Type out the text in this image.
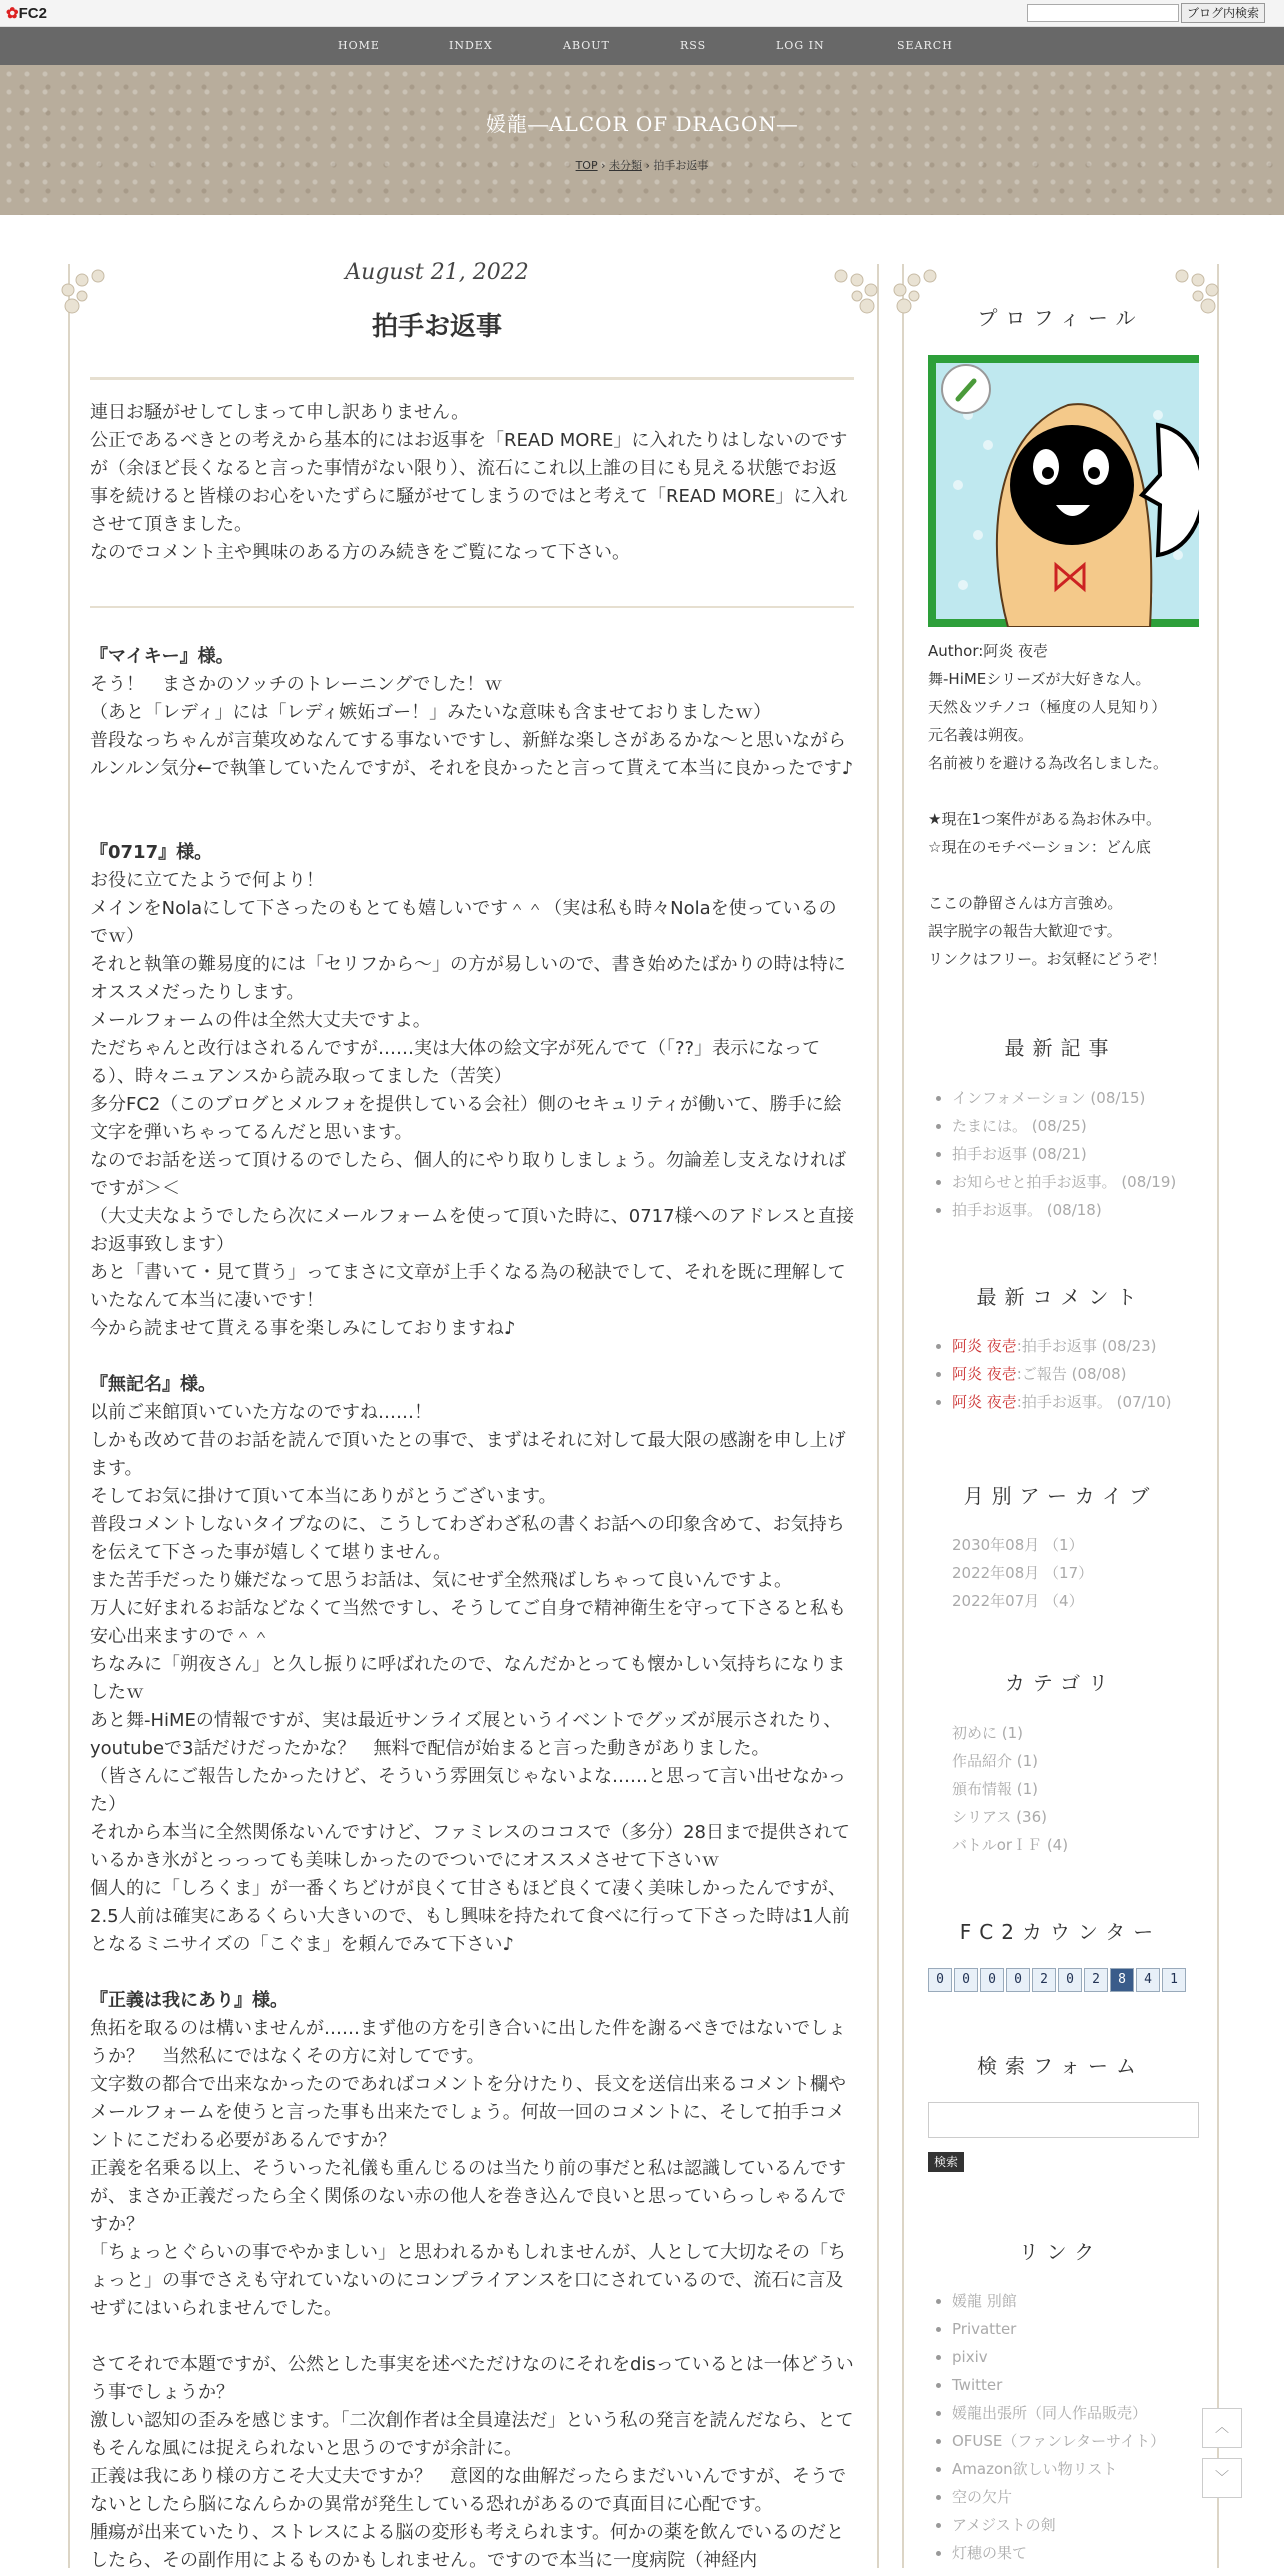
✿FC2	ブログ内検索
HOME	INDEX	ABOUT	RSS	LOG IN	SEARCH
媛龍―ALCOR OF DRAGON―
TOP › 未分類 › 拍手お返事
August 21, 2022
拍手お返事

連日お騒がせしてしまって申し訳ありません。
公正であるべきとの考えから基本的にはお返事を「READ MORE」に入れたりはしないのですが（余ほど長くなると言った事情がない限り）、流石にこれ以上誰の目にも見える状態でお返事を続けると皆様のお心をいたずらに騒がせてしまうのではと考えて「READ MORE」に入れさせて頂きました。
なのでコメント主や興味のある方のみ続きをご覧になって下さい。

『マイキー』様。
そう！　まさかのソッチのトレーニングでした！ｗ
（あと「レディ」には「レディ嫉妬ゴー！」みたいな意味も含ませておりましたｗ）
普段なっちゃんが言葉攻めなんてする事ないですし、新鮮な楽しさがあるかな～と思いながらルンルン気分←で執筆していたんですが、それを良かったと言って貰えて本当に良かったです♪
『0717』様。
お役に立てたようで何より！
メインをNolaにして下さったのもとても嬉しいです＾＾（実は私も時々Nolaを使っているのでｗ）
それと執筆の難易度的には「セリフから～」の方が易しいので、書き始めたばかりの時は特にオススメだったりします。
メールフォームの件は全然大丈夫ですよ。
ただちゃんと改行はされるんですが……実は大体の絵文字が死んでて（「??」表示になってる）、時々ニュアンスから読み取ってました（苦笑）
多分FC2（このブログとメルフォを提供している会社）側のセキュリティが働いて、勝手に絵文字を弾いちゃってるんだと思います。
なのでお話を送って頂けるのでしたら、個人的にやり取りしましょう。勿論差し支えなければですが＞＜
（大丈夫なようでしたら次にメールフォームを使って頂いた時に、0717様へのアドレスと直接お返事致します）
あと「書いて・見て貰う」ってまさに文章が上手くなる為の秘訣でして、それを既に理解していたなんて本当に凄いです！
今から読ませて貰える事を楽しみにしておりますね♪
『無記名』様。
以前ご来館頂いていた方なのですね……！
しかも改めて昔のお話を読んで頂いたとの事で、まずはそれに対して最大限の感謝を申し上げます。
そしてお気に掛けて頂いて本当にありがとうございます。
普段コメントしないタイプなのに、こうしてわざわざ私の書くお話への印象含めて、お気持ちを伝えて下さった事が嬉しくて堪りません。
また苦手だったり嫌だなって思うお話は、気にせず全然飛ばしちゃって良いんですよ。
万人に好まれるお話などなくて当然ですし、そうしてご自身で精神衛生を守って下さると私も安心出来ますので＾＾
ちなみに「朔夜さん」と久し振りに呼ばれたので、なんだかとっても懐かしい気持ちになりましたｗ
あと舞-HiMEの情報ですが、実は最近サンライズ展というイベントでグッズが展示されたり、youtubeで3話だけだったかな？　無料で配信が始まると言った動きがありました。
（皆さんにご報告したかったけど、そういう雰囲気じゃないよな……と思って言い出せなかった）
それから本当に全然関係ないんですけど、ファミレスのココスで（多分）28日まで提供されているかき氷がとっっっても美味しかったのでついでにオススメさせて下さいｗ
個人的に「しろくま」が一番くちどけが良くて甘さもほど良くて凄く美味しかったんですが、2.5人前は確実にあるくらい大きいので、もし興味を持たれて食べに行って下さった時は1人前となるミニサイズの「こぐま」を頼んでみて下さい♪
『正義は我にあり』様。
魚拓を取るのは構いませんが……まず他の方を引き合いに出した件を謝るべきではないでしょうか？　当然私にではなくその方に対してです。
文字数の都合で出来なかったのであればコメントを分けたり、長文を送信出来るコメント欄やメールフォームを使うと言った事も出来たでしょう。何故一回のコメントに、そして拍手コメントにこだわる必要があるんですか？
正義を名乗る以上、そういった礼儀も重んじるのは当たり前の事だと私は認識しているんですが、まさか正義だったら全く関係のない赤の他人を巻き込んで良いと思っていらっしゃるんですか？
「ちょっとぐらいの事でやかましい」と思われるかもしれませんが、人として大切なその「ちょっと」の事でさえも守れていないのにコンプライアンスを口にされているので、流石に言及せずにはいられませんでした。

さてそれで本題ですが、公然とした事実を述べただけなのにそれをdisっているとは一体どういう事でしょうか？
激しい認知の歪みを感じます。「二次創作者は全員違法だ」という私の発言を読んだなら、とてもそんな風には捉えられないと思うのですが余計に。
正義は我にあり様の方こそ大丈夫ですか？　意図的な曲解だったらまだいいんですが、そうでないとしたら脳になんらかの異常が発生している恐れがあるので真面目に心配です。
腫瘍が出来ていたり、ストレスによる脳の変形も考えられます。何かの薬を飲んでいるのだとしたら、その副作用によるものかもしれません。ですので本当に一度病院（神経内

プロフィール

Author:阿炎 夜壱
舞-HiMEシリーズが大好きな人。
天然＆ツチノコ（極度の人見知り）
元名義は朔夜。
名前被りを避ける為改名しました。

★現在1つ案件がある為お休み中。
☆現在のモチベーション：どん底

ここの静留さんは方言強め。
誤字脱字の報告大歓迎です。
リンクはフリー。お気軽にどうぞ！

最新記事
• インフォメーション (08/15)
• たまには。 (08/25)
• 拍手お返事 (08/21)
• お知らせと拍手お返事。 (08/19)
• 拍手お返事。 (08/18)
最新コメント
• 阿炎 夜壱:拍手お返事 (08/23)
• 阿炎 夜壱:ご報告 (08/08)
• 阿炎 夜壱:拍手お返事。 (07/10)
月別アーカイブ
2030年08月 （1）
2022年08月 （17）
2022年07月 （4）
カテゴリ
初めに (1)
作品紹介 (1)
頒布情報 (1)
シリアス (36)
バトルorＩＦ (4)
FC2カウンター
0	0	0	0	2	0	2	8	4	1
検索フォーム
検索
リンク
• 媛龍 別館
• Privatter
• pixiv
• Twitter
• 媛龍出張所（同人作品販売）
• OFUSE（ファンレターサイト）
• Amazon欲しい物リスト
• 空の欠片
• アメジストの剣
• 灯穂の果て
︿
﹀
